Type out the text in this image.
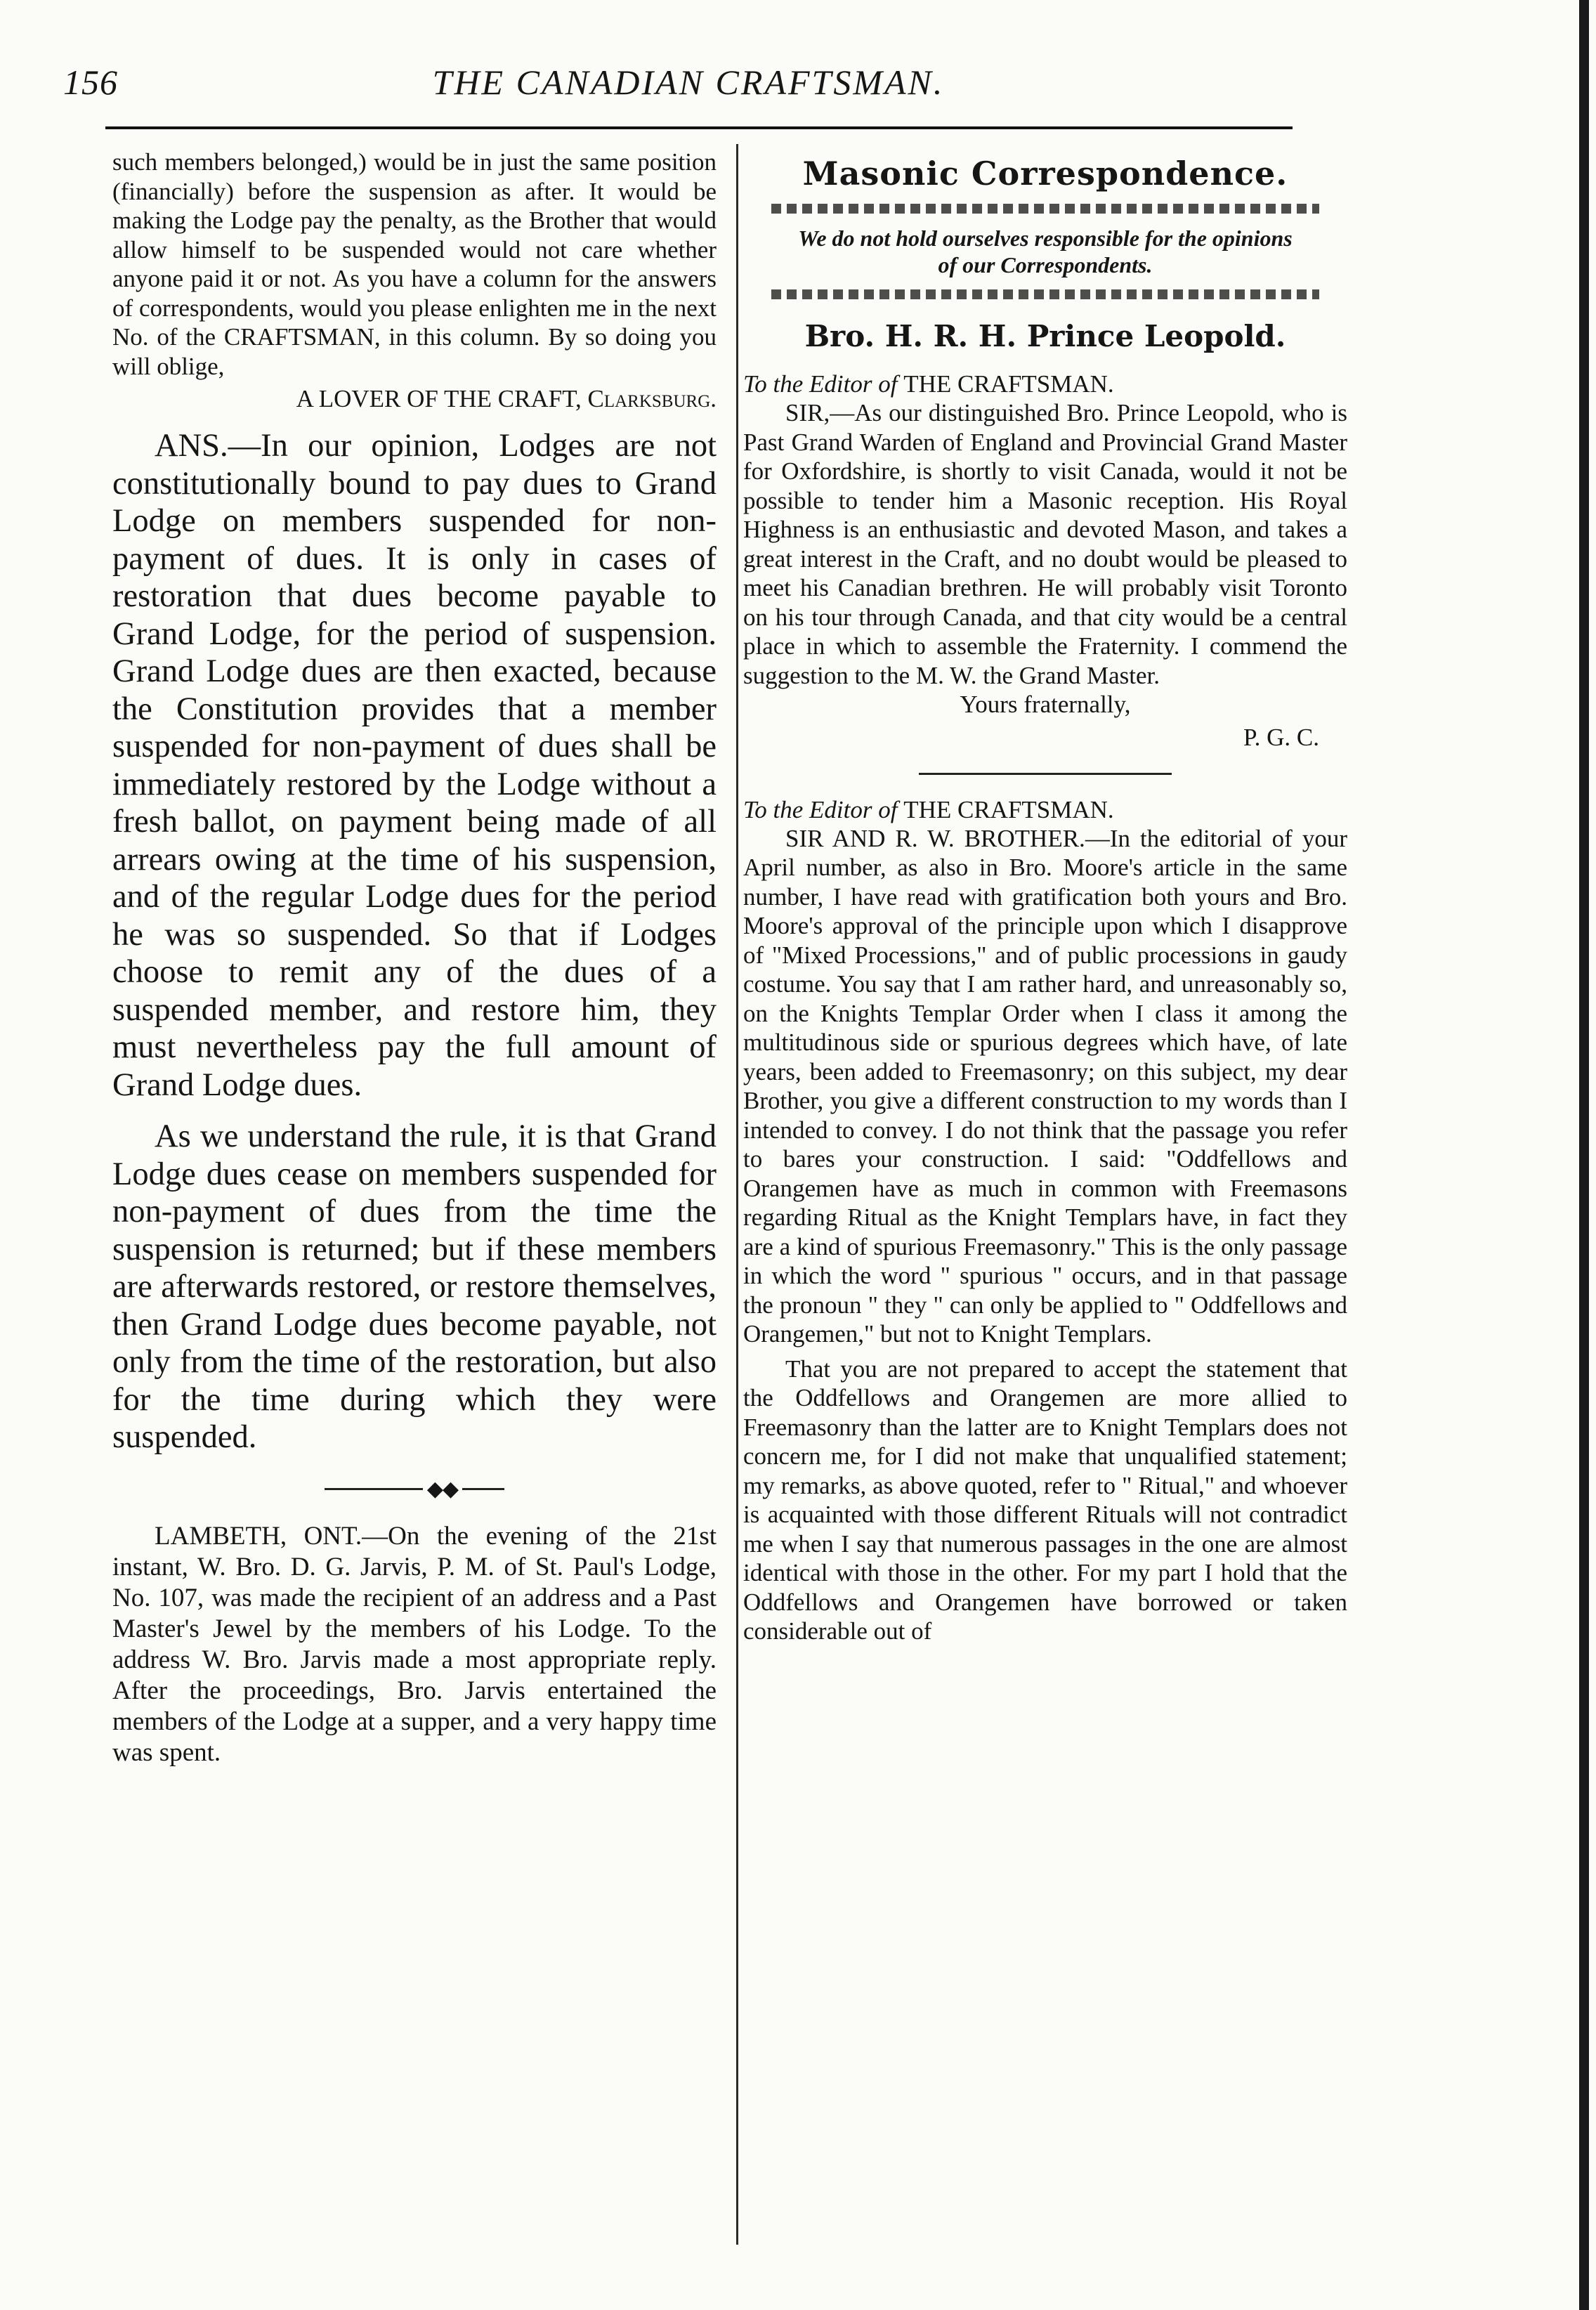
156	THE CANADIAN CRAFTSMAN.

such members belonged,) would be in just the same position (financially) before the suspension as after. It would be making the Lodge pay the penalty, as the Brother that would allow himself to be suspended would not care whether anyone paid it or not. As you have a column for the answers of correspondents, would you please enlighten me in the next No. of the CRAFTSMAN, in this column. By so doing you will oblige,

A LOVER OF THE CRAFT, Clarksburg.

ANS.—In our opinion, Lodges are not constitutionally bound to pay dues to Grand Lodge on members suspended for non-payment of dues. It is only in cases of restoration that dues become payable to Grand Lodge, for the period of suspension. Grand Lodge dues are then exacted, because the Constitution provides that a member suspended for non-payment of dues shall be immediately restored by the Lodge without a fresh ballot, on payment being made of all arrears owing at the time of his suspension, and of the regular Lodge dues for the period he was so suspended. So that if Lodges choose to remit any of the dues of a suspended member, and restore him, they must nevertheless pay the full amount of Grand Lodge dues.

As we understand the rule, it is that Grand Lodge dues cease on members suspended for non-payment of dues from the time the suspension is returned; but if these members are afterwards restored, or restore themselves, then Grand Lodge dues become payable, not only from the time of the restoration, but also for the time during which they were suspended.

◆◆

LAMBETH, ONT.—On the evening of the 21st instant, W. Bro. D. G. Jarvis, P. M. of St. Paul's Lodge, No. 107, was made the recipient of an address and a Past Master's Jewel by the members of his Lodge. To the address W. Bro. Jarvis made a most appropriate reply. After the proceedings, Bro. Jarvis entertained the members of the Lodge at a supper, and a very happy time was spent.

Masonic Correspondence.
We do not hold ourselves responsible for the opinions
of our Correspondents.
Bro. H. R. H. Prince Leopold.
To the Editor of THE CRAFTSMAN.

SIR,—As our distinguished Bro. Prince Leopold, who is Past Grand Warden of England and Provincial Grand Master for Oxfordshire, is shortly to visit Canada, would it not be possible to tender him a Masonic reception. His Royal Highness is an enthusiastic and devoted Mason, and takes a great interest in the Craft, and no doubt would be pleased to meet his Canadian brethren. He will probably visit Toronto on his tour through Canada, and that city would be a central place in which to assemble the Fraternity. I commend the suggestion to the M. W. the Grand Master.

Yours fraternally,
P. G. C.
To the Editor of THE CRAFTSMAN.

SIR AND R. W. BROTHER.—In the editorial of your April number, as also in Bro. Moore's article in the same number, I have read with gratification both yours and Bro. Moore's approval of the principle upon which I disapprove of "Mixed Processions," and of public processions in gaudy costume. You say that I am rather hard, and unreasonably so, on the Knights Templar Order when I class it among the multitudinous side or spurious degrees which have, of late years, been added to Freemasonry; on this subject, my dear Brother, you give a different construction to my words than I intended to convey. I do not think that the passage you refer to bares your construction. I said: "Oddfellows and Orangemen have as much in common with Freemasons regarding Ritual as the Knight Templars have, in fact they are a kind of spurious Freemasonry." This is the only passage in which the word " spurious " occurs, and in that passage the pronoun " they " can only be applied to " Oddfellows and Orangemen," but not to Knight Templars.

That you are not prepared to accept the statement that the Oddfellows and Orangemen are more allied to Freemasonry than the latter are to Knight Templars does not concern me, for I did not make that unqualified statement; my remarks, as above quoted, refer to " Ritual," and whoever is acquainted with those different Rituals will not contradict me when I say that numerous passages in the one are almost identical with those in the other. For my part I hold that the Oddfellows and Orangemen have borrowed or taken considerable out of
